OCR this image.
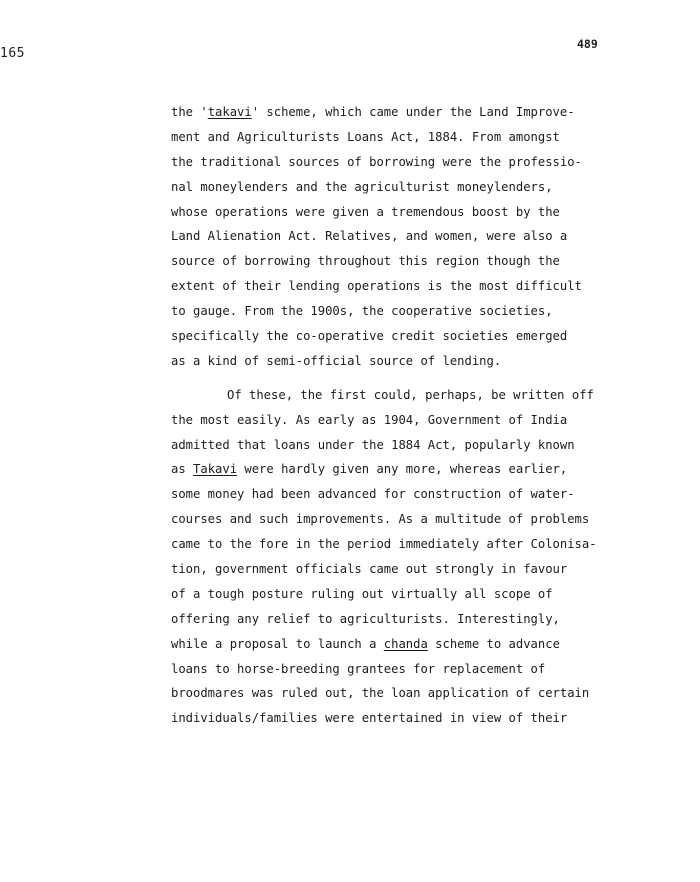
165
489
the 'takavi' scheme, which came under the Land Improve-
ment and Agriculturists Loans Act, 1884. From amongst
the traditional sources of borrowing were the professio-
nal moneylenders and the agriculturist moneylenders,
whose operations were given a tremendous boost by the
Land Alienation Act. Relatives, and women, were also a
source of borrowing throughout this region though the
extent of their lending operations is the most difficult
to gauge. From the 1900s, the cooperative societies,
specifically the co-operative credit societies emerged
as a kind of semi-official source of lending.
Of these, the first could, perhaps, be written off
the most easily. As early as 1904, Government of India
admitted that loans under the 1884 Act, popularly known
as Takavi were hardly given any more, whereas earlier,
some money had been advanced for construction of water-
courses and such improvements. As a multitude of problems
came to the fore in the period immediately after Colonisa-
tion, government officials came out strongly in favour
of a tough posture ruling out virtually all scope of
offering any relief to agriculturists. Interestingly,
while a proposal to launch a chanda scheme to advance
loans to horse-breeding grantees for replacement of
broodmares was ruled out, the loan application of certain
individuals/families were entertained in view of their
